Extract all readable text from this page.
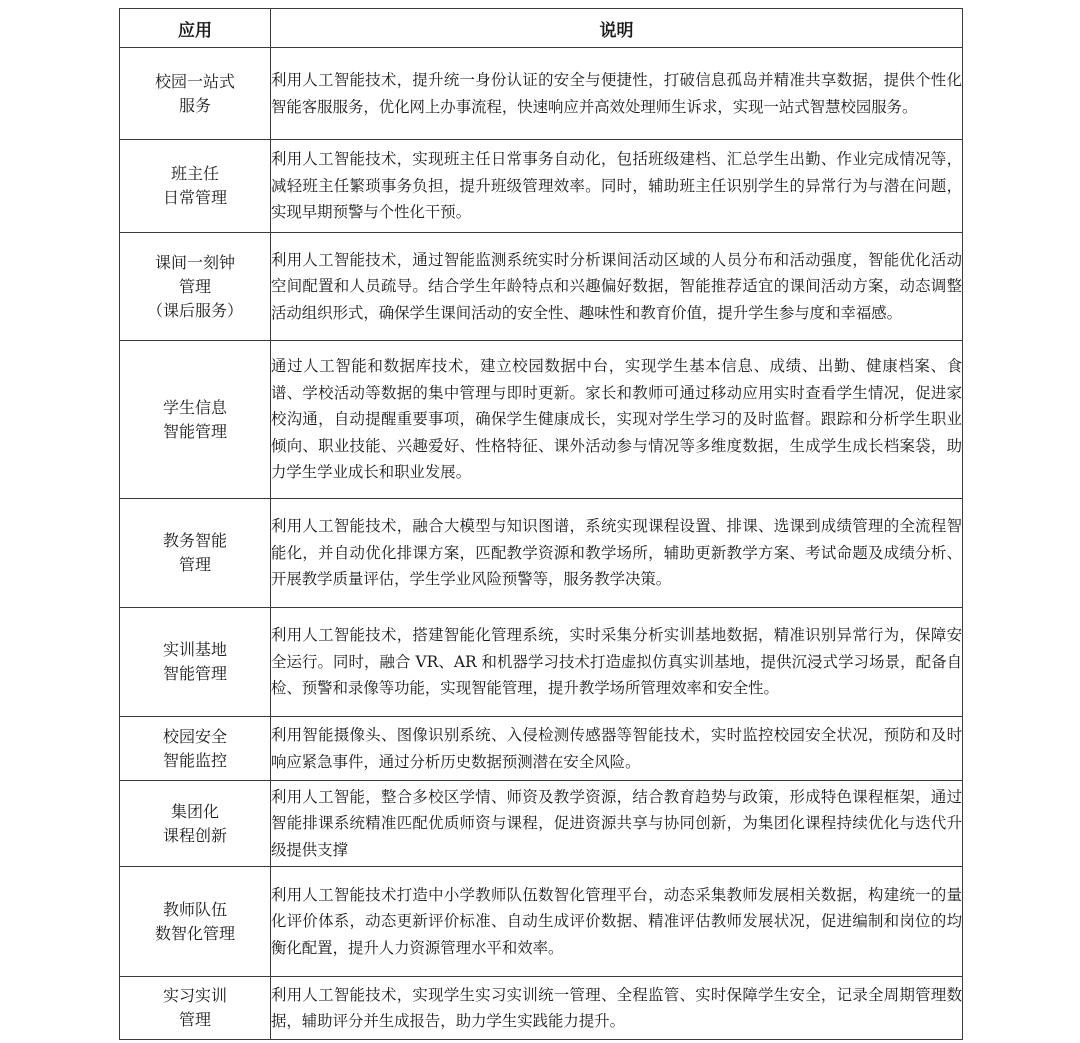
应用	说明
校园一站式
服务	利用人工智能技术，提升统一身份认证的安全与便捷性，打破信息孤岛并精准共享数据，提供个性化智能客服服务，优化网上办事流程，快速响应并高效处理师生诉求，实现一站式智慧校园服务。
班主任
日常管理	利用人工智能技术，实现班主任日常事务自动化，包括班级建档、汇总学生出勤、作业完成情况等，减轻班主任繁琐事务负担，提升班级管理效率。同时，辅助班主任识别学生的异常行为与潜在问题，实现早期预警与个性化干预。
课间一刻钟
管理
（课后服务）	利用人工智能技术，通过智能监测系统实时分析课间活动区域的人员分布和活动强度，智能优化活动空间配置和人员疏导。结合学生年龄特点和兴趣偏好数据，智能推荐适宜的课间活动方案，动态调整活动组织形式，确保学生课间活动的安全性、趣味性和教育价值，提升学生参与度和幸福感。
学生信息
智能管理	通过人工智能和数据库技术，建立校园数据中台，实现学生基本信息、成绩、出勤、健康档案、食谱、学校活动等数据的集中管理与即时更新。家长和教师可通过移动应用实时查看学生情况，促进家校沟通，自动提醒重要事项，确保学生健康成长，实现对学生学习的及时监督。跟踪和分析学生职业倾向、职业技能、兴趣爱好、性格特征、课外活动参与情况等多维度数据，生成学生成长档案袋，助力学生学业成长和职业发展。
教务智能
管理	利用人工智能技术，融合大模型与知识图谱，系统实现课程设置、排课、选课到成绩管理的全流程智能化，并自动优化排课方案，匹配教学资源和教学场所，辅助更新教学方案、考试命题及成绩分析、开展教学质量评估，学生学业风险预警等，服务教学决策。
实训基地
智能管理	利用人工智能技术，搭建智能化管理系统，实时采集分析实训基地数据，精准识别异常行为，保障安全运行。同时，融合 VR、AR 和机器学习技术打造虚拟仿真实训基地，提供沉浸式学习场景，配备自检、预警和录像等功能，实现智能管理，提升教学场所管理效率和安全性。
校园安全
智能监控	利用智能摄像头、图像识别系统、入侵检测传感器等智能技术，实时监控校园安全状况，预防和及时响应紧急事件，通过分析历史数据预测潜在安全风险。
集团化
课程创新	利用人工智能，整合多校区学情、师资及教学资源，结合教育趋势与政策，形成特色课程框架，通过智能排课系统精准匹配优质师资与课程，促进资源共享与协同创新，为集团化课程持续优化与迭代升级提供支撑
教师队伍
数智化管理	利用人工智能技术打造中小学教师队伍数智化管理平台，动态采集教师发展相关数据，构建统一的量化评价体系，动态更新评价标准、自动生成评价数据、精准评估教师发展状况，促进编制和岗位的均衡化配置，提升人力资源管理水平和效率。
实习实训
管理	利用人工智能技术，实现学生实习实训统一管理、全程监管、实时保障学生安全，记录全周期管理数据，辅助评分并生成报告，助力学生实践能力提升。
